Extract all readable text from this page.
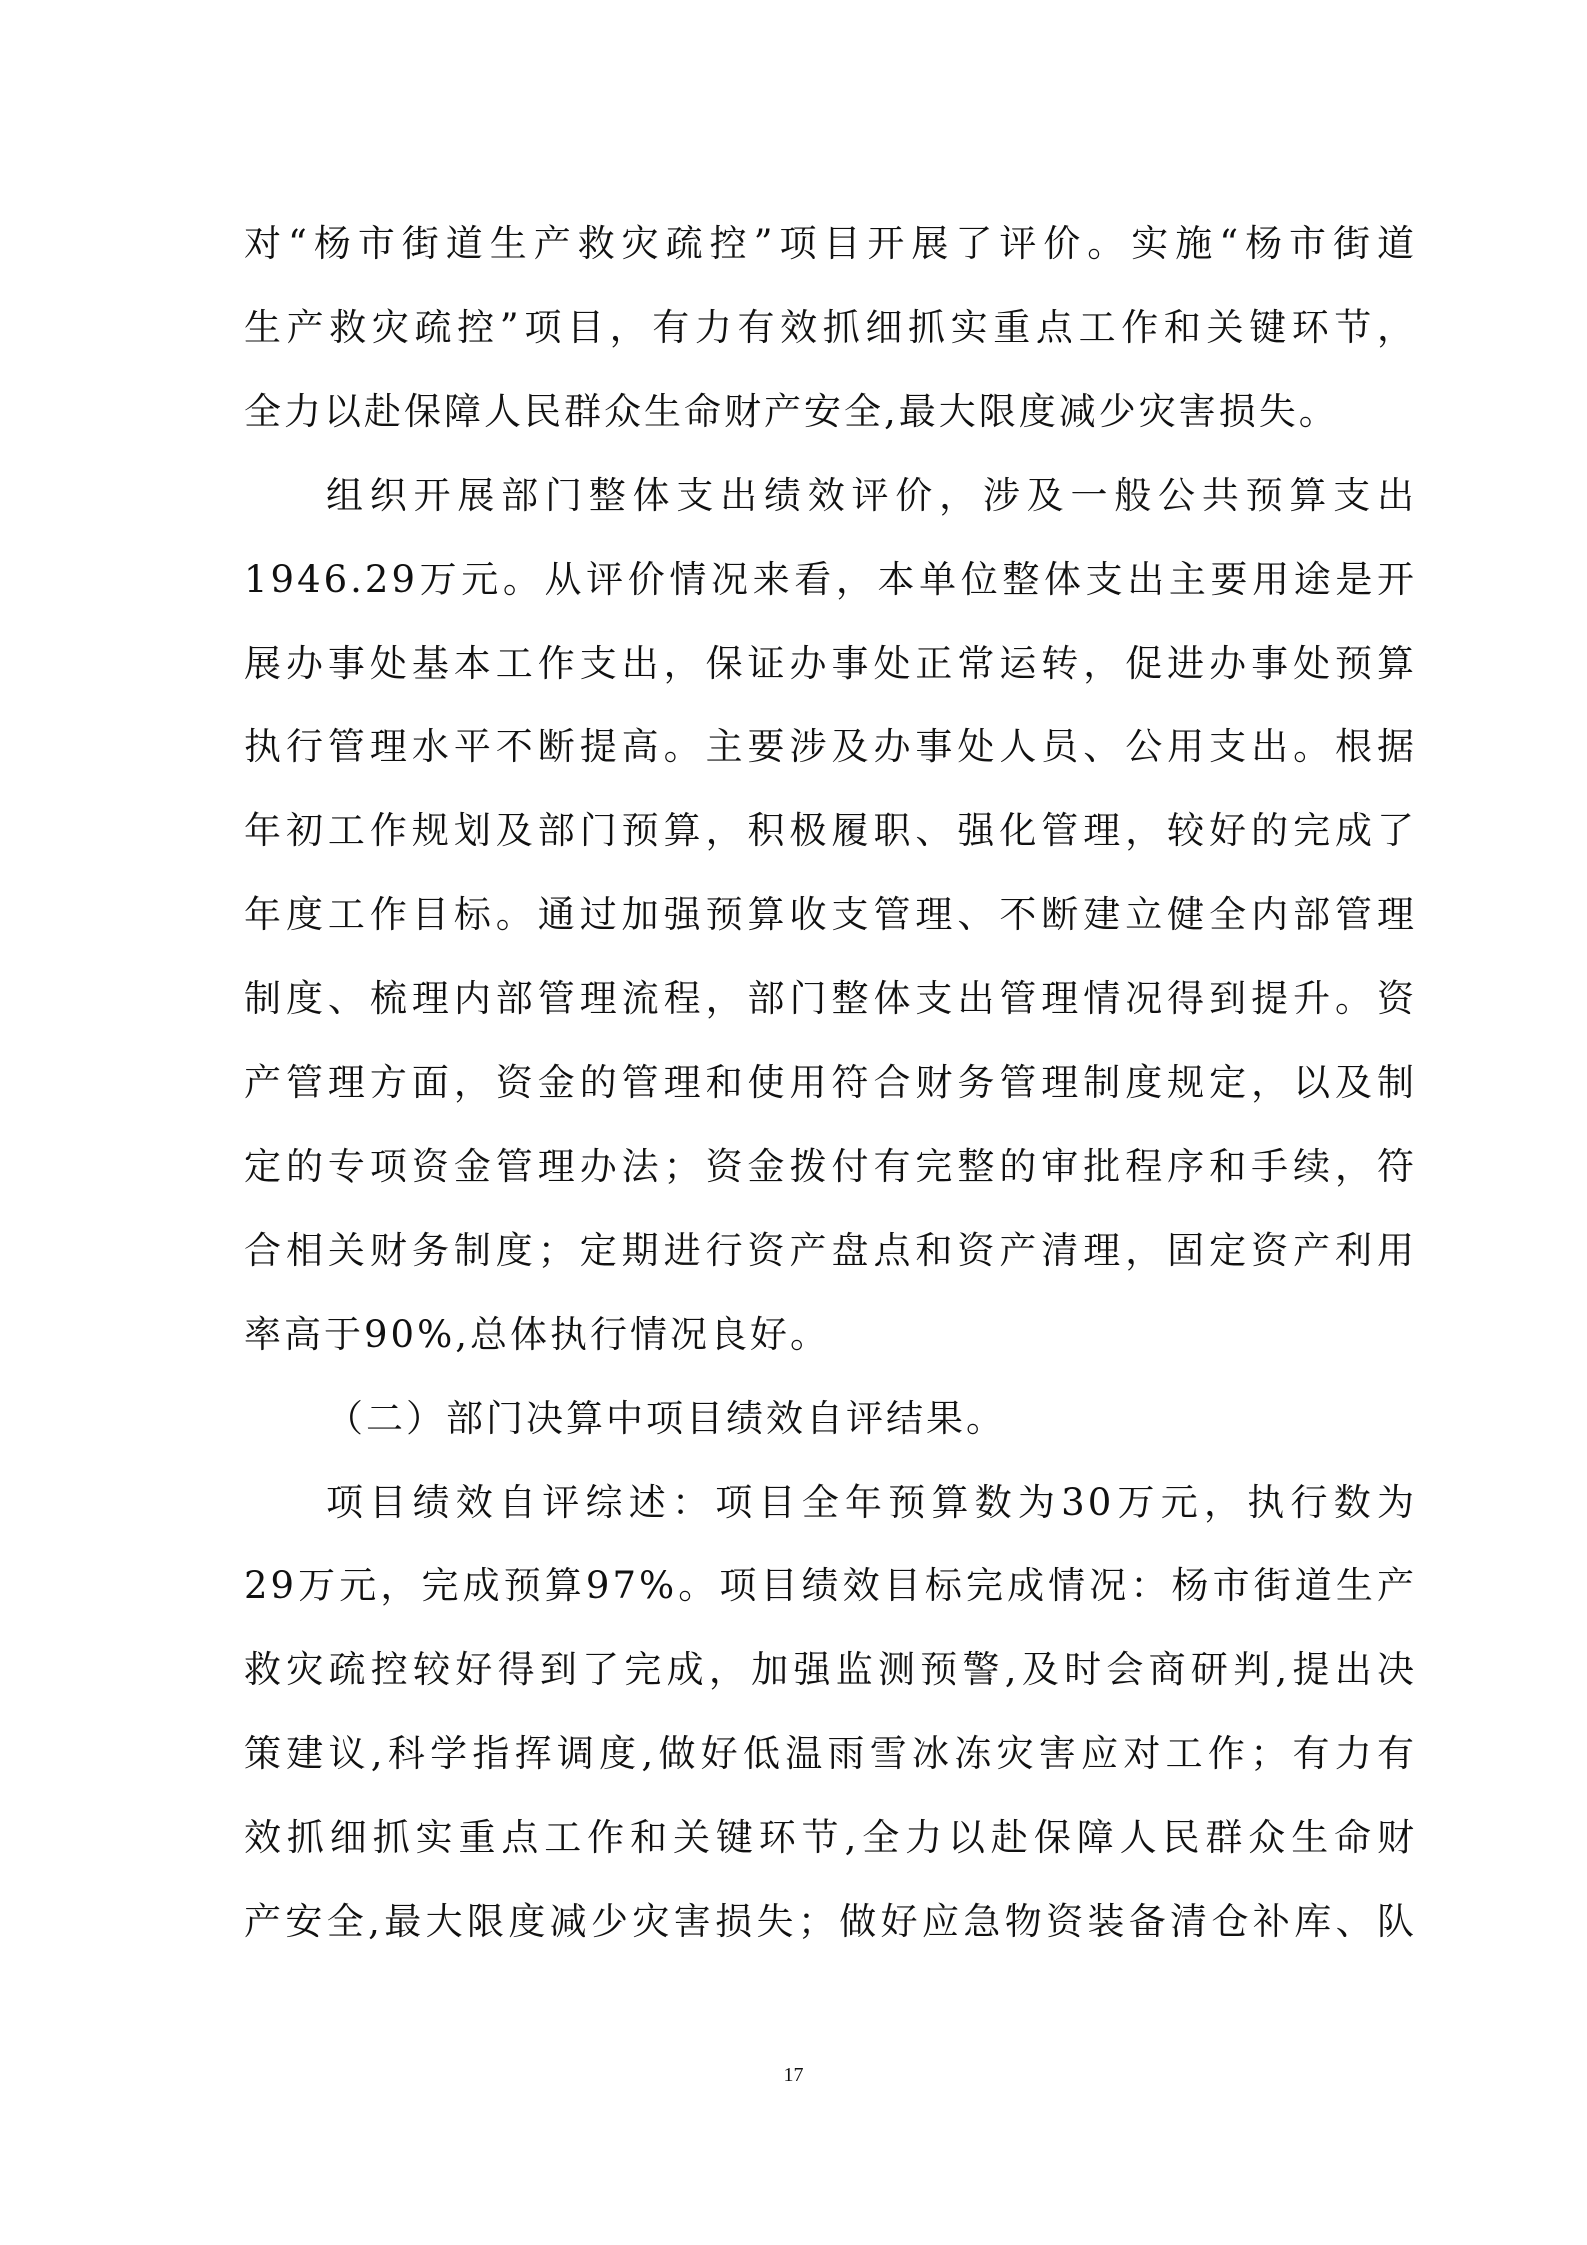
对“杨市街道生产救灾疏控”项目开展了评价。实施“杨市街道
生产救灾疏控”项目，有力有效抓细抓实重点工作和关键环节，
全力以赴保障人民群众生命财产安全,最大限度减少灾害损失。
组织开展部门整体支出绩效评价，涉及一般公共预算支出
1946.29万元。从评价情况来看，本单位整体支出主要用途是开
展办事处基本工作支出，保证办事处正常运转，促进办事处预算
执行管理水平不断提高。主要涉及办事处人员、公用支出。根据
年初工作规划及部门预算，积极履职、强化管理，较好的完成了
年度工作目标。通过加强预算收支管理、不断建立健全内部管理
制度、梳理内部管理流程，部门整体支出管理情况得到提升。资
产管理方面，资金的管理和使用符合财务管理制度规定，以及制
定的专项资金管理办法；资金拨付有完整的审批程序和手续，符
合相关财务制度；定期进行资产盘点和资产清理，固定资产利用
率高于90%,总体执行情况良好。
（二）部门决算中项目绩效自评结果。
项目绩效自评综述：项目全年预算数为30万元，执行数为
29万元，完成预算97%。项目绩效目标完成情况：杨市街道生产
救灾疏控较好得到了完成，加强监测预警,及时会商研判,提出决
策建议,科学指挥调度,做好低温雨雪冰冻灾害应对工作；有力有
效抓细抓实重点工作和关键环节,全力以赴保障人民群众生命财
产安全,最大限度减少灾害损失；做好应急物资装备清仓补库、队
17
